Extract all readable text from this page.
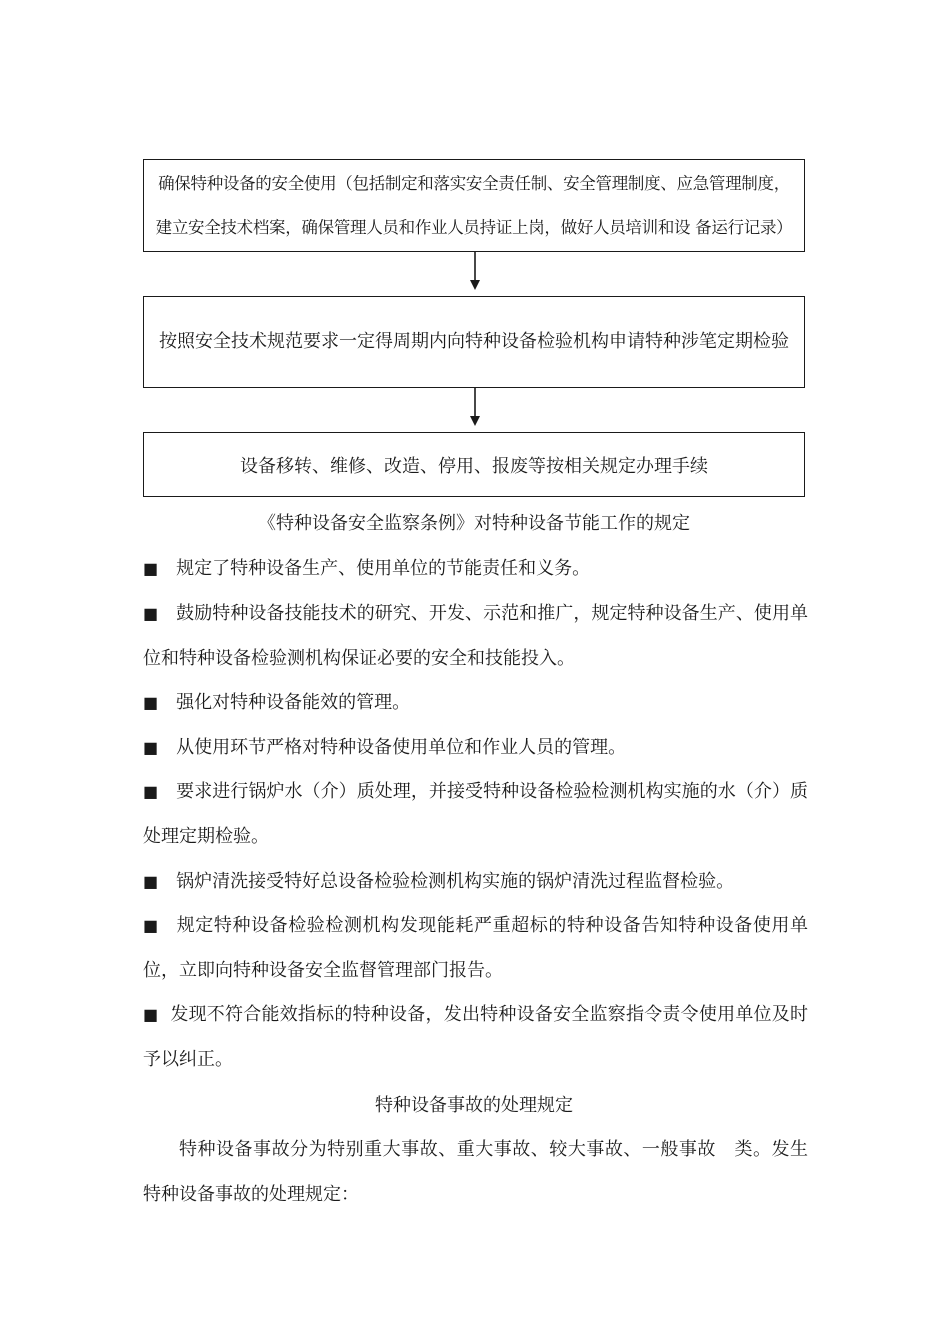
确保特种设备的安全使用（包括制定和落实安全责任制、安全管理制度、应急管理制度，建立安全技术档案，确保管理人员和作业人员持证上岗，做好人员培训和设 备运行记录）
按照安全技术规范要求一定得周期内向特种设备检验机构申请特种涉笔定期检验
设备移转、维修、改造、停用、报废等按相关规定办理手续
《特种设备安全监察条例》对特种设备节能工作的规定

■ 规定了特种设备生产、使用单位的节能责任和义务。

■ 鼓励特种设备技能技术的研究、开发、示范和推广，规定特种设备生产、使用单位和特种设备检验测机构保证必要的安全和技能投入。

■ 强化对特种设备能效的管理。

■ 从使用环节严格对特种设备使用单位和作业人员的管理。

■ 要求进行锅炉水（介）质处理，并接受特种设备检验检测机构实施的水（介）质处理定期检验。

■ 锅炉清洗接受特好总设备检验检测机构实施的锅炉清洗过程监督检验。

■ 规定特种设备检验检测机构发现能耗严重超标的特种设备告知特种设备使用单位，立即向特种设备安全监督管理部门报告。

■ 发现不符合能效指标的特种设备，发出特种设备安全监察指令责令使用单位及时予以纠正。

特种设备事故的处理规定

特种设备事故分为特别重大事故、重大事故、较大事故、一般事故　类。发生特种设备事故的处理规定：
